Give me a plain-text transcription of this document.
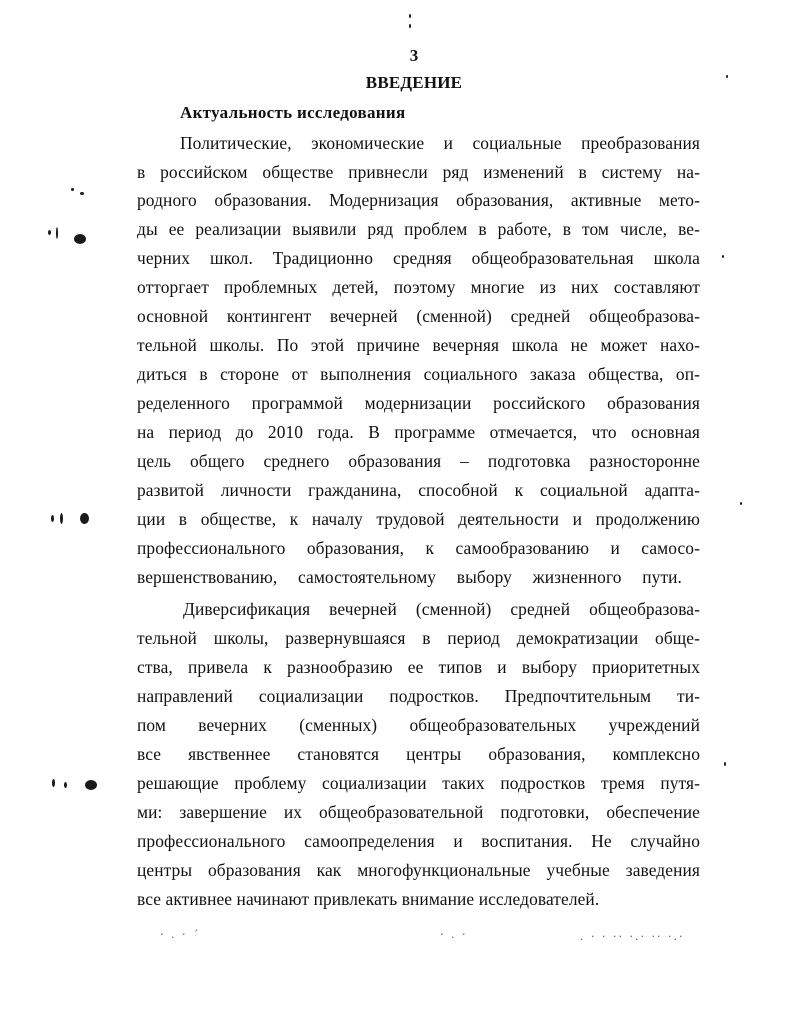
3
ВВЕДЕНИЕ
Актуальность исследования
Политические, экономические и социальные преобразования
в российском обществе привнесли ряд изменений в систему на-
родного образования. Модернизация образования, активные мето-
ды ее реализации выявили ряд проблем в работе, в том числе, ве-
черних школ. Традиционно средняя общеобразовательная школа
отторгает проблемных детей, поэтому многие из них составляют
основной контингент вечерней (сменной) средней общеобразова-
тельной школы. По этой причине вечерняя школа не может нахо-
диться в стороне от выполнения социального заказа общества, оп-
ределенного программой модернизации российского образования
на период до 2010 года. В программе отмечается, что основная
цель общего среднего образования – подготовка разносторонне
развитой личности гражданина, способной к социальной адапта-
ции в обществе, к началу трудовой деятельности и продолжению
профессионального образования, к самообразованию и самосо-
вершенствованию, самостоятельному выбору жизненного пути.
Диверсификация вечерней (сменной) средней общеобразова-
тельной школы, развернувшаяся в период демократизации обще-
ства, привела к разнообразию ее типов и выбору приоритетных
направлений социализации подростков. Предпочтительным ти-
пом вечерних (сменных) общеобразовательных учреждений
все явственнее становятся центры образования, комплексно
решающие проблему социализации таких подростков тремя путя-
ми: завершение их общеобразовательной подготовки, обеспечение
профессионального самоопределения и воспитания. Не случайно
центры образования как многофункциональные учебные заведения
все активнее начинают привлекать внимание исследователей.
· . · ´	· . ·	. · · ·· ·.· ·· ·.·
